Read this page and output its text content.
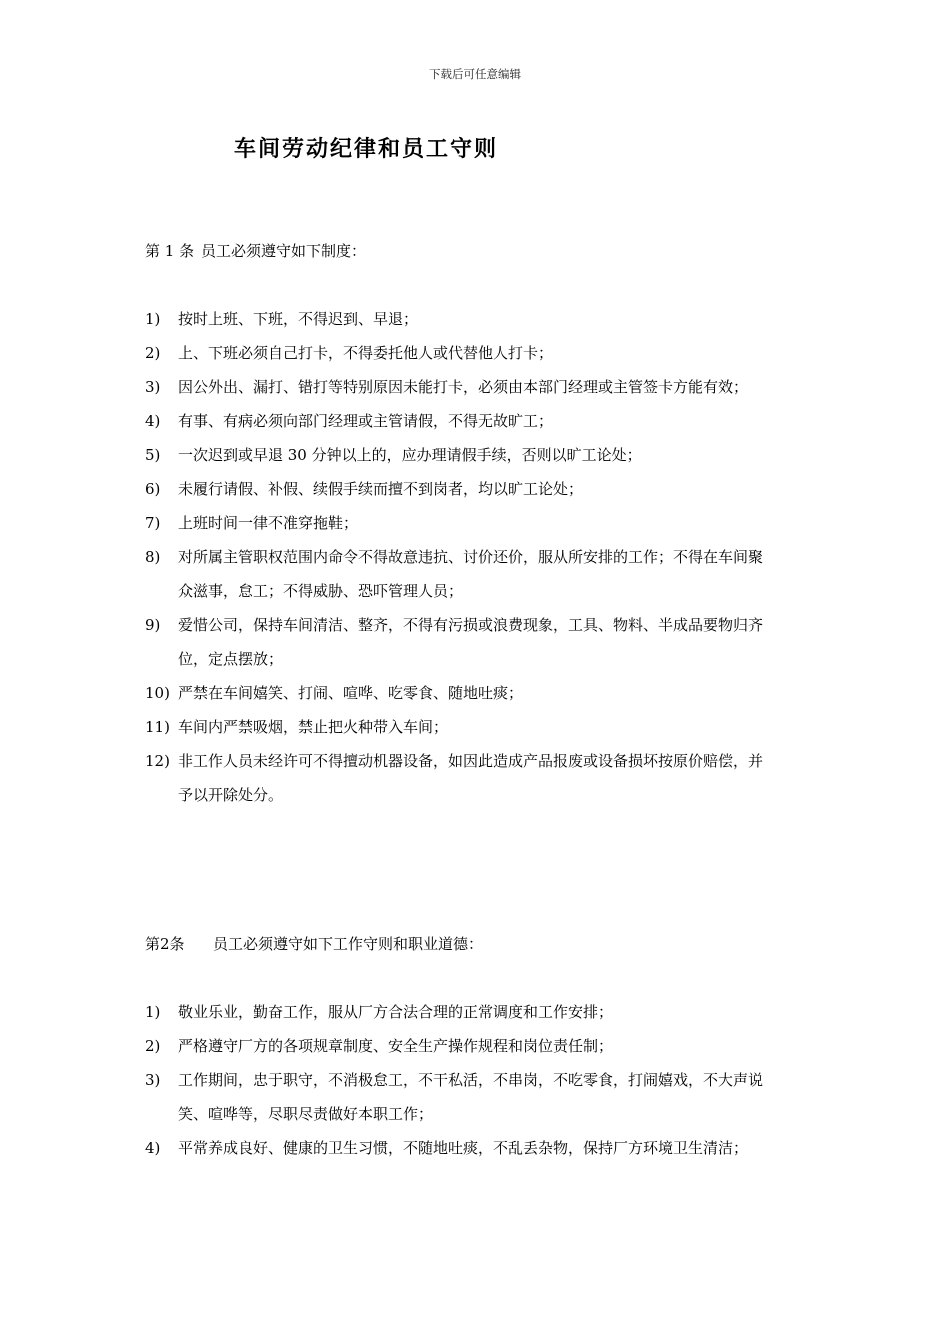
下载后可任意编辑
车间劳动纪律和员工守则
第 1 条 员工必须遵守如下制度：
1)	按时上班、下班，不得迟到、早退；
2)	上、下班必须自己打卡，不得委托他人或代替他人打卡；
3)	因公外出、漏打、错打等特别原因未能打卡，必须由本部门经理或主管签卡方能有效；
4)	有事、有病必须向部门经理或主管请假，不得无故旷工；
5)	一次迟到或早退 30 分钟以上的，应办理请假手续，否则以旷工论处；
6)	未履行请假、补假、续假手续而擅不到岗者，均以旷工论处；
7)	上班时间一律不准穿拖鞋；
8)	对所属主管职权范围内命令不得故意违抗、讨价还价，服从所安排的工作；不得在车间聚众滋事，怠工；不得威胁、恐吓管理人员；
9)	爱惜公司，保持车间清洁、整齐，不得有污损或浪费现象，工具、物料、半成品要物归齐位，定点摆放；
10) 严禁在车间嬉笑、打闹、喧哗、吃零食、随地吐痰；
11) 车间内严禁吸烟，禁止把火种带入车间；
12) 非工作人员未经许可不得擅动机器设备，如因此造成产品报废或设备损坏按原价赔偿，并予以开除处分。
第2条 员工必须遵守如下工作守则和职业道德：
1)	敬业乐业，勤奋工作，服从厂方合法合理的正常调度和工作安排；
2)	严格遵守厂方的各项规章制度、安全生产操作规程和岗位责任制；
3)	工作期间，忠于职守，不消极怠工，不干私活，不串岗，不吃零食，打闹嬉戏，不大声说笑、喧哗等，尽职尽责做好本职工作；
4)	平常养成良好、健康的卫生习惯，不随地吐痰，不乱丢杂物，保持厂方环境卫生清洁；
